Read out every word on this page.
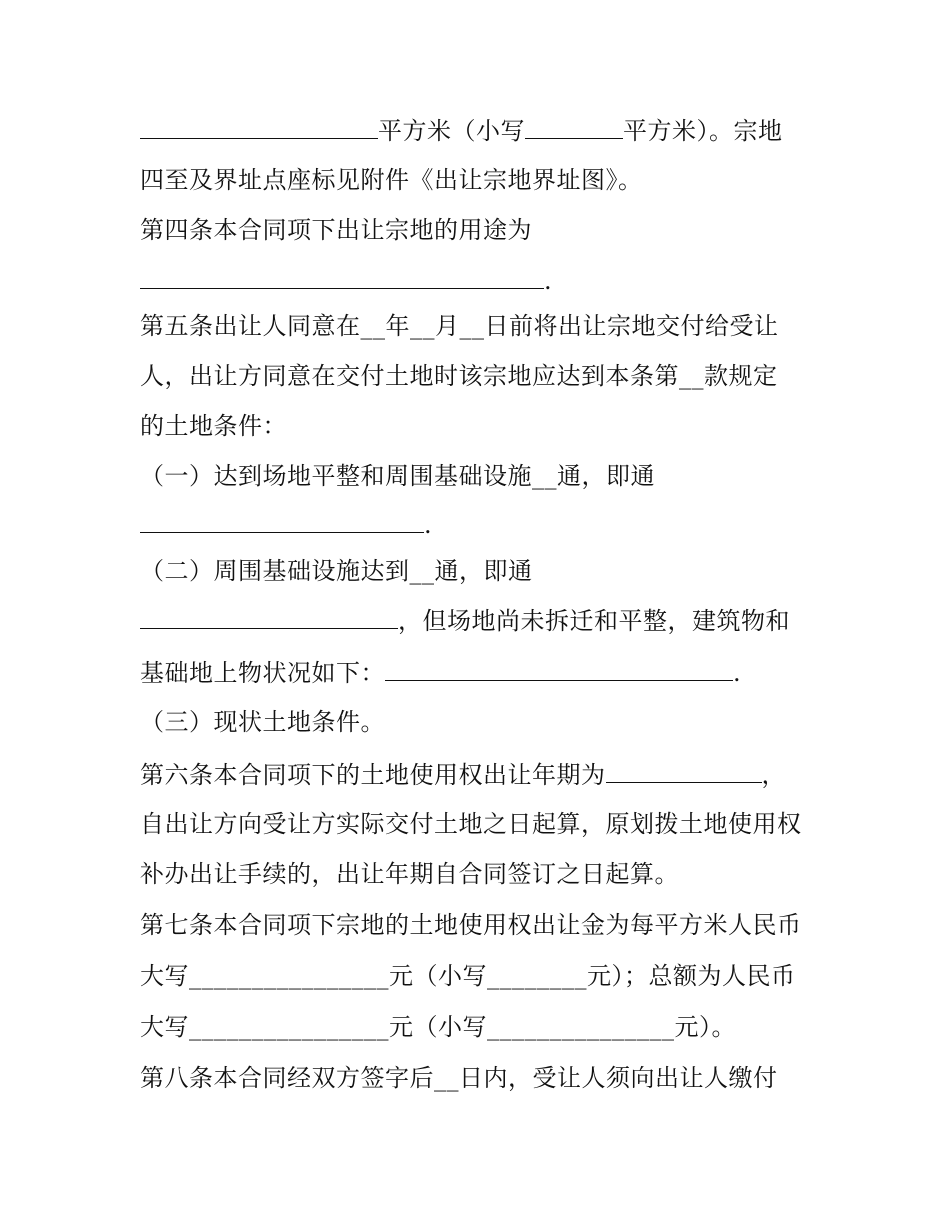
平方米（小写	平方米）。宗地
四至及界址点座标见附件《出让宗地界址图》。
第四条本合同项下出让宗地的用途为
.
第五条出让人同意在__年__月__日前将出让宗地交付给受让
人，出让方同意在交付土地时该宗地应达到本条第__款规定
的土地条件：
（一）达到场地平整和周围基础设施__通，即通
.
（二）周围基础设施达到__通，即通
，但场地尚未拆迁和平整，建筑物和
基础地上物状况如下：	.
（三）现状土地条件。
第六条本合同项下的土地使用权出让年期为	，
自出让方向受让方实际交付土地之日起算，原划拨土地使用权
补办出让手续的，出让年期自合同签订之日起算。
第七条本合同项下宗地的土地使用权出让金为每平方米人民币
大写________________元（小写________元）；总额为人民币
大写________________元（小写_______________元）。
第八条本合同经双方签字后__日内，受让人须向出让人缴付
